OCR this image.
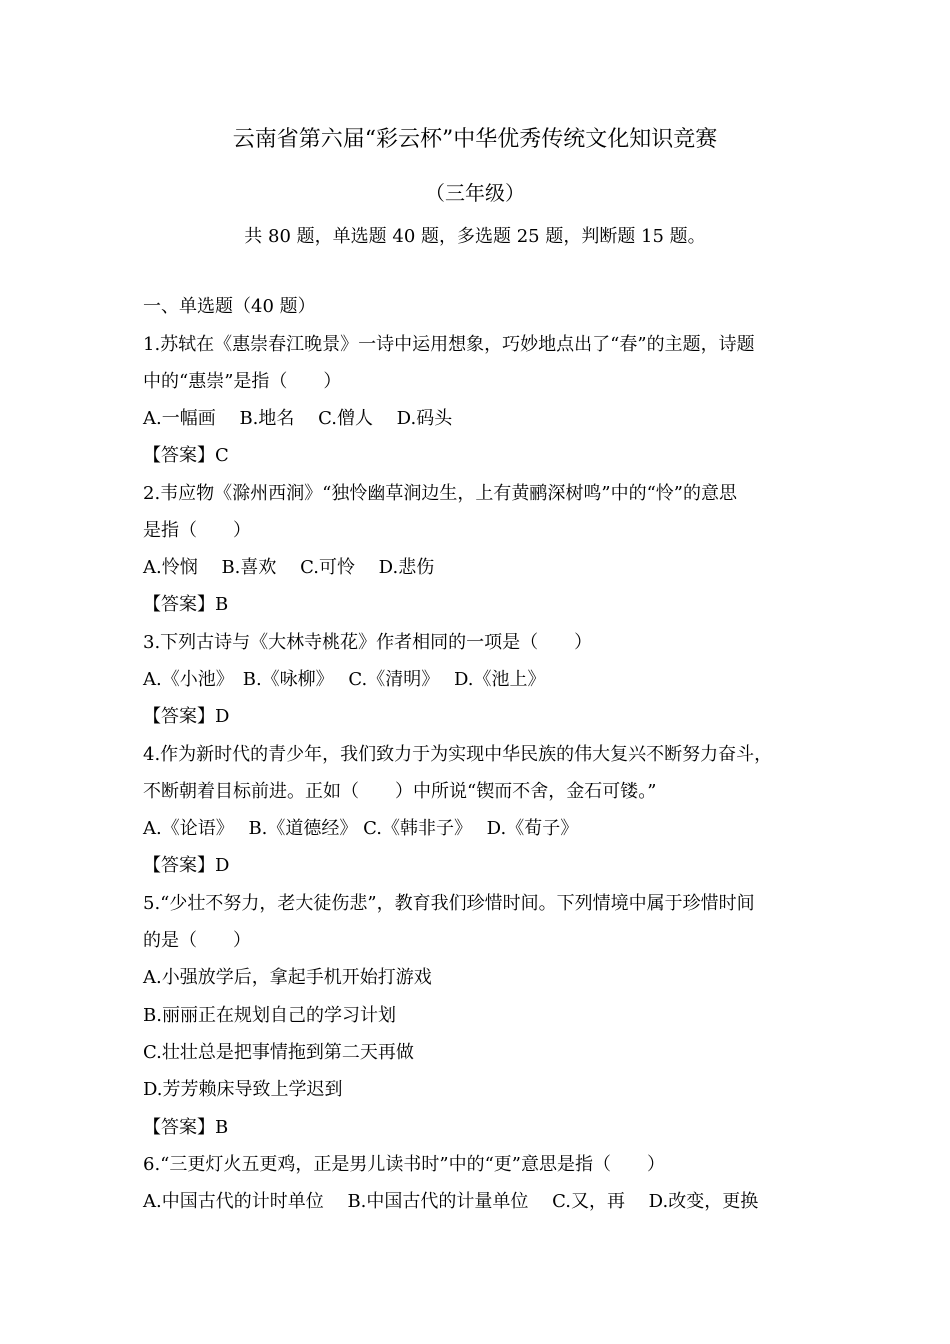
云南省第六届“彩云杯”中华优秀传统文化知识竞赛
（三年级）
共 80 题，单选题 40 题，多选题 25 题，判断题 15 题。
一、单选题（40 题）
1.苏轼在《惠崇春江晚景》一诗中运用想象，巧妙地点出了“春”的主题，诗题
中的“惠崇”是指（　　）
A.一幅画　 B.地名　 C.僧人　 D.码头
【答案】C
2.韦应物《滁州西涧》“独怜幽草涧边生，上有黄鹂深树鸣”中的“怜”的意思
是指（　　）
A.怜悯　 B.喜欢　 C.可怜　 D.悲伤
【答案】B
3.下列古诗与《大林寺桃花》作者相同的一项是（　　）
A.《小池》　B.《咏柳》　 C.《清明》　 D.《池上》
【答案】D
4.作为新时代的青少年，我们致力于为实现中华民族的伟大复兴不断努力奋斗，
不断朝着目标前进。正如（　　）中所说“锲而不舍，金石可镂。”
A.《论语》　 B.《道德经》 C.《韩非子》　 D.《荀子》
【答案】D
5.“少壮不努力，老大徒伤悲”，教育我们珍惜时间。下列情境中属于珍惜时间
的是（　　）
A.小强放学后，拿起手机开始打游戏
B.丽丽正在规划自己的学习计划
C.壮壮总是把事情拖到第二天再做
D.芳芳赖床导致上学迟到
【答案】B
6.“三更灯火五更鸡，正是男儿读书时”中的“更”意思是指（　　）
A.中国古代的计时单位　 B.中国古代的计量单位　 C.又，再　 D.改变，更换
